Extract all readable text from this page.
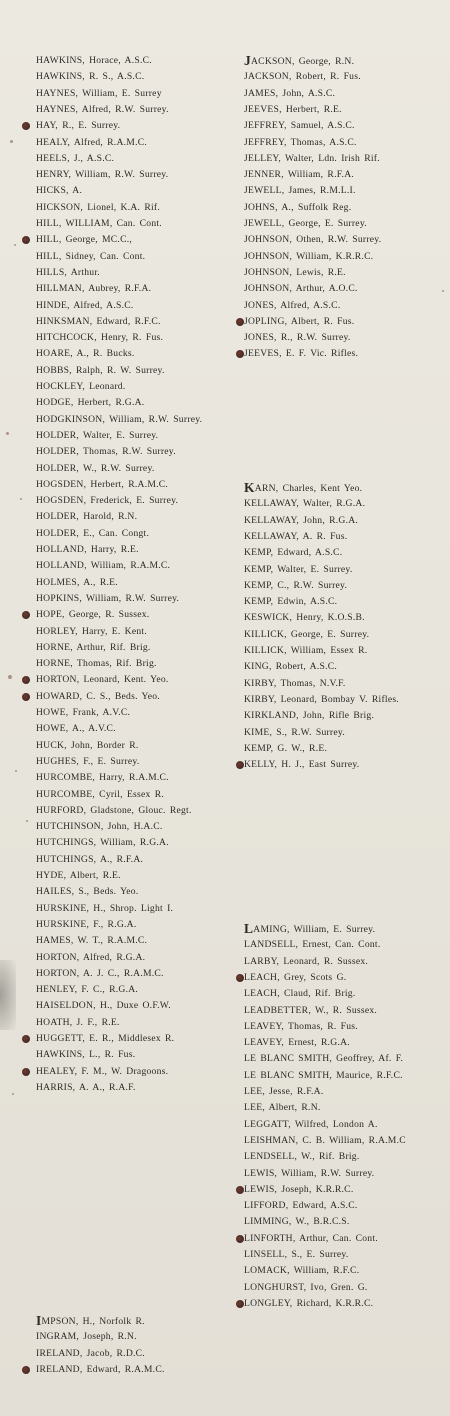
HAWKINS, Horace, A.S.C.
HAWKINS, R. S., A.S.C.
HAYNES, William, E. Surrey
HAYNES, Alfred, R.W. Surrey.
HAY, R., E. Surrey.
HEALY, Alfred, R.A.M.C.
HEELS, J., A.S.C.
HENRY, William, R.W. Surrey.
HICKS, A.
HICKSON, Lionel, K.A. Rif.
HILL, WILLIAM, Can. Cont.
HILL, George, MC.C.,
HILL, Sidney, Can. Cont.
HILLS, Arthur.
HILLMAN, Aubrey, R.F.A.
HINDE, Alfred, A.S.C.
HINKSMAN, Edward, R.F.C.
HITCHCOCK, Henry, R. Fus.
HOARE, A., R. Bucks.
HOBBS, Ralph, R. W. Surrey.
HOCKLEY, Leonard.
HODGE, Herbert, R.G.A.
HODGKINSON, William, R.W. Surrey.
HOLDER, Walter, E. Surrey.
HOLDER, Thomas, R.W. Surrey.
HOLDER, W., R.W. Surrey.
HOGSDEN, Herbert, R.A.M.C.
HOGSDEN, Frederick, E. Surrey.
HOLDER, Harold, R.N.
HOLDER, E., Can. Congt.
HOLLAND, Harry, R.E.
HOLLAND, William, R.A.M.C.
HOLMES, A., R.E.
HOPKINS, William, R.W. Surrey.
HOPE, George, R. Sussex.
HORLEY, Harry, E. Kent.
HORNE, Arthur, Rif. Brig.
HORNE, Thomas, Rif. Brig.
HORTON, Leonard, Kent. Yeo.
HOWARD, C. S., Beds. Yeo.
HOWE, Frank, A.V.C.
HOWE, A., A.V.C.
HUCK, John, Border R.
HUGHES, F., E. Surrey.
HURCOMBE, Harry, R.A.M.C.
HURCOMBE, Cyril, Essex R.
HURFORD, Gladstone, Glouc. Regt.
HUTCHINSON, John, H.A.C.
HUTCHINGS, William, R.G.A.
HUTCHINGS, A., R.F.A.
HYDE, Albert, R.E.
HAILES, S., Beds. Yeo.
HURSKINE, H., Shrop. Light I.
HURSKINE, F., R.G.A.
HAMES, W. T., R.A.M.C.
HORTON, Alfred, R.G.A.
HORTON, A. J. C., R.A.M.C.
HENLEY, F. C., R.G.A.
HAISELDON, H., Duxe O.F.W.
HOATH, J. F., R.E.
HUGGETT, E. R., Middlesex R.
HAWKINS, L., R. Fus.
HEALEY, F. M., W. Dragoons.
HARRIS, A. A., R.A.F.
IMPSON, H., Norfolk R.
INGRAM, Joseph, R.N.
IRELAND, Jacob, R.D.C.
IRELAND, Edward, R.A.M.C.
JACKSON, George, R.N.
JACKSON, Robert, R. Fus.
JAMES, John, A.S.C.
JEEVES, Herbert, R.E.
JEFFREY, Samuel, A.S.C.
JEFFREY, Thomas, A.S.C.
JELLEY, Walter, Ldn. Irish Rif.
JENNER, William, R.F.A.
JEWELL, James, R.M.L.I.
JOHNS, A., Suffolk Reg.
JEWELL, George, E. Surrey.
JOHNSON, Othen, R.W. Surrey.
JOHNSON, William, K.R.R.C.
JOHNSON, Lewis, R.E.
JOHNSON, Arthur, A.O.C.
JONES, Alfred, A.S.C.
JOPLING, Albert, R. Fus.
JONES, R., R.W. Surrey.
JEEVES, E. F. Vic. Rifles.
KARN, Charles, Kent Yeo.
KELLAWAY, Walter, R.G.A.
KELLAWAY, John, R.G.A.
KELLAWAY, A. R. Fus.
KEMP, Edward, A.S.C.
KEMP, Walter, E. Surrey.
KEMP, C., R.W. Surrey.
KEMP, Edwin, A.S.C.
KESWICK, Henry, K.O.S.B.
KILLICK, George, E. Surrey.
KILLICK, William, Essex R.
KING, Robert, A.S.C.
KIRBY, Thomas, N.V.F.
KIRBY, Leonard, Bombay V. Rifles.
KIRKLAND, John, Rifle Brig.
KIME, S., R.W. Surrey.
KEMP, G. W., R.E.
KELLY, H. J., East Surrey.
LAMING, William, E. Surrey.
LANDSELL, Ernest, Can. Cont.
LARBY, Leonard, R. Sussex.
LEACH, Grey, Scots G.
LEACH, Claud, Rif. Brig.
LEADBETTER, W., R. Sussex.
LEAVEY, Thomas, R. Fus.
LEAVEY, Ernest, R.G.A.
LE BLANC SMITH, Geoffrey, Af. F.
LE BLANC SMITH, Maurice, R.F.C.
LEE, Jesse, R.F.A.
LEE, Albert, R.N.
LEGGATT, Wilfred, London A.
LEISHMAN, C. B. William, R.A.M.C
LENDSELL, W., Rif. Brig.
LEWIS, William, R.W. Surrey.
LEWIS, Joseph, K.R.R.C.
LIFFORD, Edward, A.S.C.
LIMMING, W., B.R.C.S.
LINFORTH, Arthur, Can. Cont.
LINSELL, S., E. Surrey.
LOMACK, William, R.F.C.
LONGHURST, Ivo, Gren. G.
LONGLEY, Richard, K.R.R.C.
